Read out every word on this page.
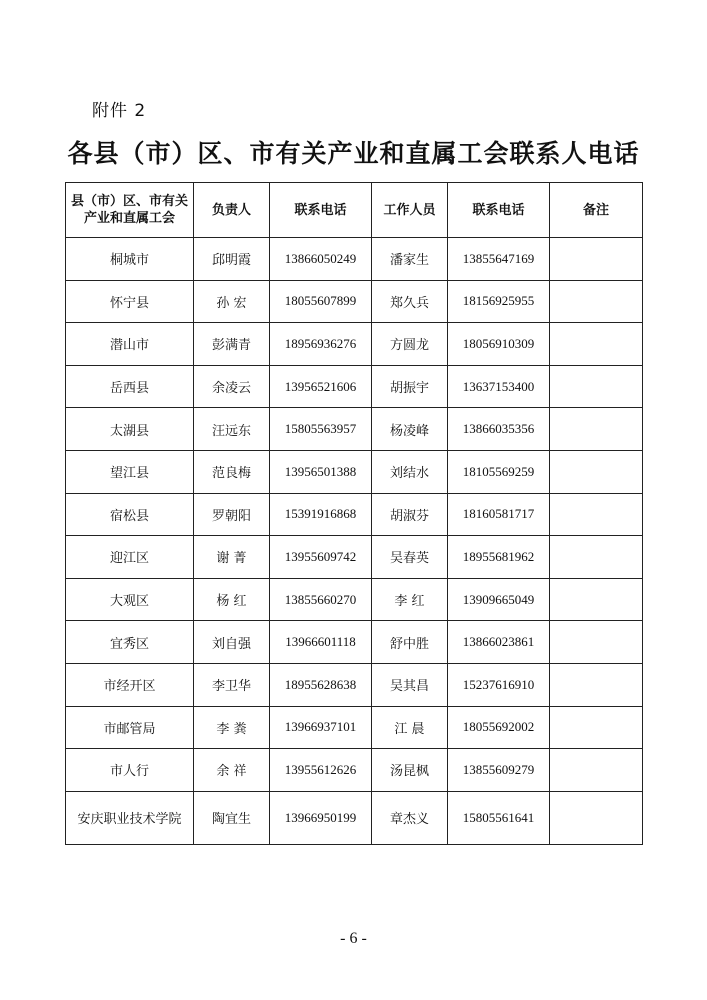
附件 2
各县（市）区、市有关产业和直属工会联系人电话
县（市）区、市有关产业和直属工会	负责人	联系电话	工作人员	联系电话	备注
桐城市	邱明霞	13866050249	潘家生	13855647169	
怀宁县	孙 宏	18055607899	郑久兵	18156925955	
潜山市	彭满青	18956936276	方圆龙	18056910309	
岳西县	余凌云	13956521606	胡振宇	13637153400	
太湖县	汪远东	15805563957	杨凌峰	13866035356	
望江县	范良梅	13956501388	刘结水	18105569259	
宿松县	罗朝阳	15391916868	胡淑芬	18160581717	
迎江区	谢 菁	13955609742	吴春英	18955681962	
大观区	杨 红	13855660270	李 红	13909665049	
宜秀区	刘自强	13966601118	舒中胜	13866023861	
市经开区	李卫华	18955628638	吴其昌	15237616910	
市邮管局	李 粪	13966937101	江 晨	18055692002	
市人行	余 祥	13955612626	汤昆枫	13855609279	
安庆职业技术学院	陶宜生	13966950199	章杰义	15805561641	
- 6 -
